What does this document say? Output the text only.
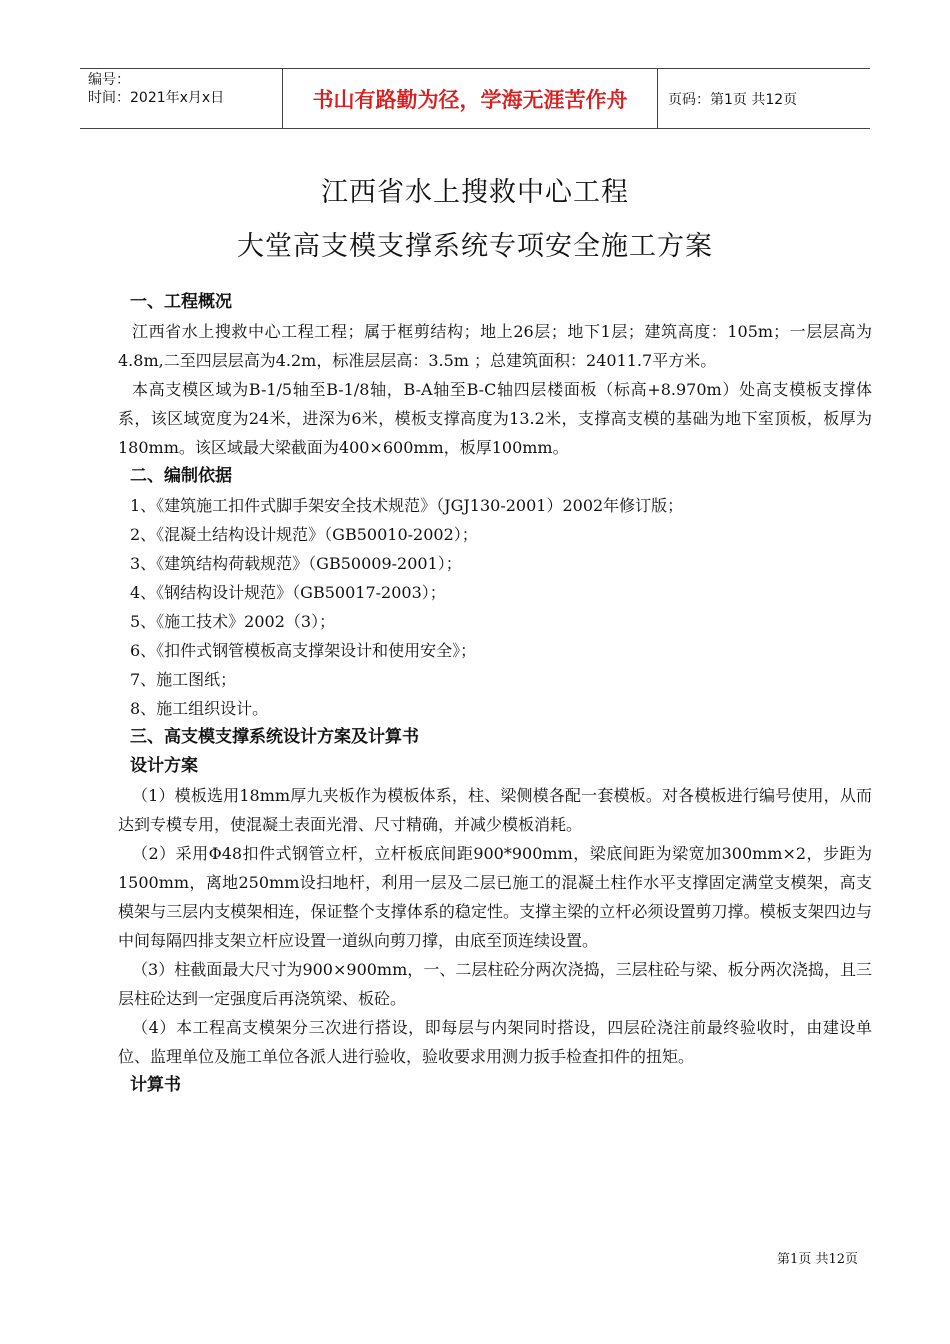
编号：
时间：2021年x月x日	书山有路勤为径，学海无涯苦作舟	页码：第1页 共12页
江西省水上搜救中心工程
大堂高支模支撑系统专项安全施工方案

一、工程概况

江西省水上搜救中心工程工程；属于框剪结构；地上26层；地下1层；建筑高度：105m；一层层高为4.8m,二至四层层高为4.2m，标准层层高：3.5m ；总建筑面积：24011.7平方米。

本高支模区域为B-1/5轴至B-1/8轴，B-A轴至B-C轴四层楼面板（标高+8.970m）处高支模板支撑体系，该区域宽度为24米，进深为6米，模板支撑高度为13.2米，支撑高支模的基础为地下室顶板，板厚为180mm。该区域最大梁截面为400×600mm，板厚100mm。

二、编制依据

1、《建筑施工扣件式脚手架安全技术规范》（JGJ130-2001）2002年修订版；

2、《混凝土结构设计规范》（GB50010-2002）；

3、《建筑结构荷载规范》（GB50009-2001）；

4、《钢结构设计规范》（GB50017-2003）；

5、《施工技术》2002（3）；

6、《扣件式钢管模板高支撑架设计和使用安全》；

7、施工图纸；

8、施工组织设计。

三、高支模支撑系统设计方案及计算书

设计方案

（1）模板选用18mm厚九夹板作为模板体系，柱、梁侧模各配一套模板。对各模板进行编号使用，从而达到专模专用，使混凝土表面光滑、尺寸精确，并减少模板消耗。

（2）采用Φ48扣件式钢管立杆，立杆板底间距900*900mm，梁底间距为梁宽加300mm×2，步距为1500mm，离地250mm设扫地杆，利用一层及二层已施工的混凝土柱作水平支撑固定满堂支模架，高支模架与三层内支模架相连，保证整个支撑体系的稳定性。支撑主梁的立杆必须设置剪刀撑。模板支架四边与中间每隔四排支架立杆应设置一道纵向剪刀撑，由底至顶连续设置。

（3）柱截面最大尺寸为900×900mm，一、二层柱砼分两次浇捣，三层柱砼与梁、板分两次浇捣，且三层柱砼达到一定强度后再浇筑梁、板砼。

（4）本工程高支模架分三次进行搭设，即每层与内架同时搭设，四层砼浇注前最终验收时，由建设单位、监理单位及施工单位各派人进行验收，验收要求用测力扳手检查扣件的扭矩。

计算书

第1页 共12页
